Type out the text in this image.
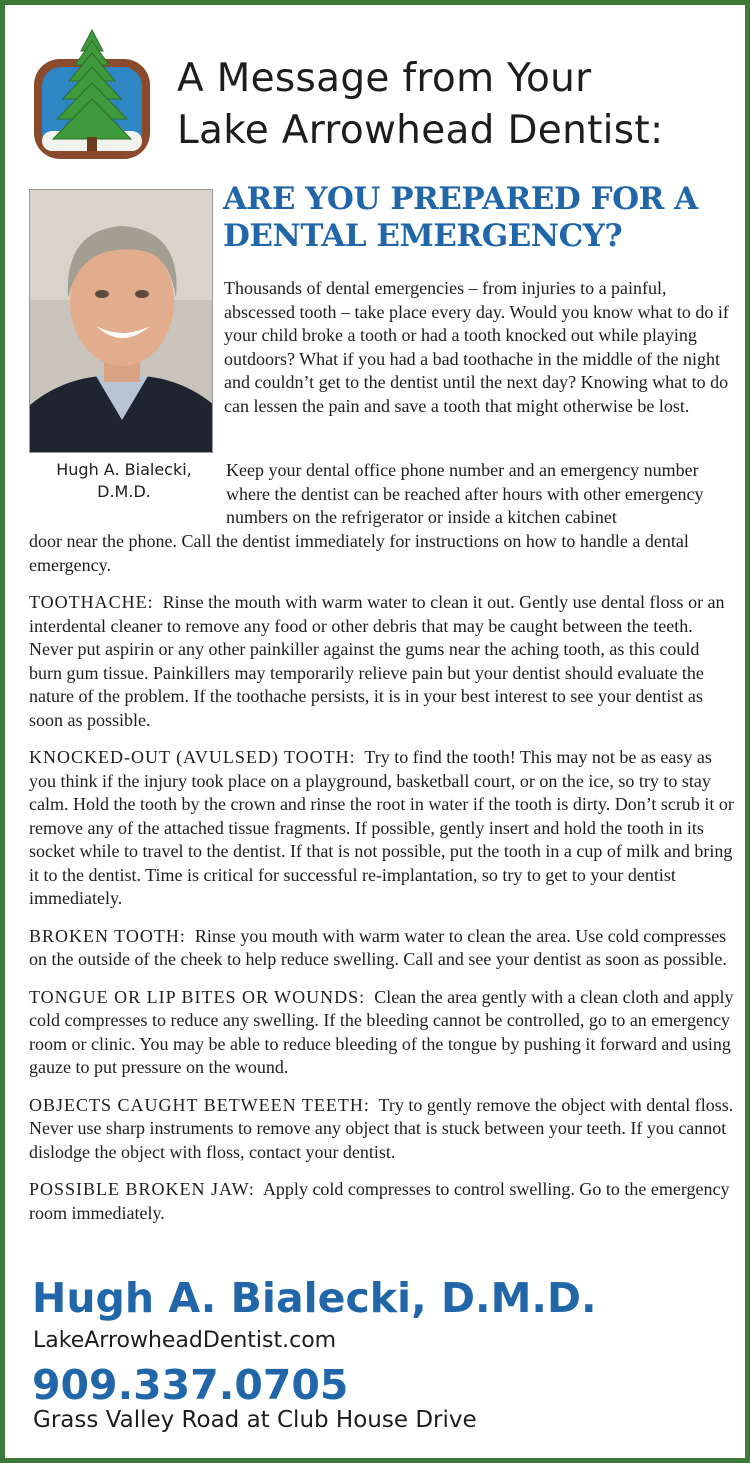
A Message from Your
Lake Arrowhead Dentist:
Hugh A. Bialecki,
D.M.D.
ARE YOU PREPARED FOR A
DENTAL EMERGENCY?

Thousands of dental emergencies – from injuries to a painful, abscessed tooth – take place every day. Would you know what to do if your child broke a tooth or had a tooth knocked out while playing outdoors? What if you had a bad toothache in the middle of the night and couldn’t get to the dentist until the next day? Knowing what to do can lessen the pain and save a tooth that might otherwise be lost.

Keep your dental office phone number and an emergency number where the dentist can be reached after hours with other emergency numbers on the refrigerator or inside a kitchen cabinet

door near the phone. Call the dentist immediately for instructions on how to handle a dental emergency.

TOOTHACHE: Rinse the mouth with warm water to clean it out. Gently use dental floss or an interdental cleaner to remove any food or other debris that may be caught between the teeth. Never put aspirin or any other painkiller against the gums near the aching tooth, as this could burn gum tissue. Painkillers may temporarily relieve pain but your dentist should evaluate the nature of the problem. If the toothache persists, it is in your best interest to see your dentist as soon as possible.

KNOCKED-OUT (AVULSED) TOOTH: Try to find the tooth! This may not be as easy as you think if the injury took place on a playground, basketball court, or on the ice, so try to stay calm. Hold the tooth by the crown and rinse the root in water if the tooth is dirty. Don’t scrub it or remove any of the attached tissue fragments. If possible, gently insert and hold the tooth in its socket while to travel to the dentist. If that is not possible, put the tooth in a cup of milk and bring it to the dentist. Time is critical for successful re-implantation, so try to get to your dentist immediately.

BROKEN TOOTH: Rinse you mouth with warm water to clean the area. Use cold compresses on the outside of the cheek to help reduce swelling. Call and see your dentist as soon as possible.

TONGUE OR LIP BITES OR WOUNDS: Clean the area gently with a clean cloth and apply cold compresses to reduce any swelling. If the bleeding cannot be controlled, go to an emergency room or clinic. You may be able to reduce bleeding of the tongue by pushing it forward and using gauze to put pressure on the wound.

OBJECTS CAUGHT BETWEEN TEETH: Try to gently remove the object with dental floss. Never use sharp instruments to remove any object that is stuck between your teeth. If you cannot dislodge the object with floss, contact your dentist.

POSSIBLE BROKEN JAW: Apply cold compresses to control swelling. Go to the emergency room immediately.

Hugh A. Bialecki, D.M.D.
LakeArrowheadDentist.com
909.337.0705
Grass Valley Road at Club House Drive
